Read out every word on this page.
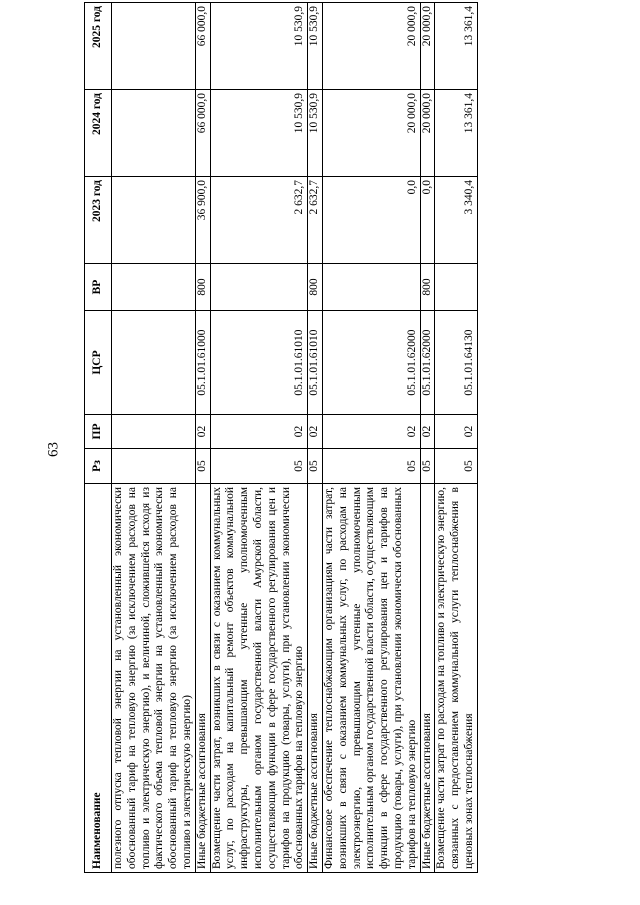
63
Наименование	Рз	ПР	ЦСР	ВР	2023 год	2024 год	2025 год
полезного отпуска тепловой энергии на установленный экономически обоснованный тариф на тепловую энергию (за исключением расходов на топливо и электрическую энергию), и величиной, сложившейся исходя из фактического объема тепловой энергии на установленный экономически обоснованный тариф на тепловую энергию (за исключением расходов на топливо и электрическую энергию)							
Иные бюджетные ассигнования	05	02	05.1.01.61000	800	36 900,0	66 000,0	66 000,0
Возмещение части затрат, возникших в связи с оказанием коммунальных услуг, по расходам на капитальный ремонт объектов коммунальной инфраструктуры, превышающим учтенные уполномоченным исполнительным органом государственной власти Амурской области, осуществляющим функции в сфере государственного регулирования цен и тарифов на продукцию (товары, услуги), при установлении экономически обоснованных тарифов на тепловую энергию	05	02	05.1.01.61010		2 632,7	10 530,9	10 530,9
Иные бюджетные ассигнования	05	02	05.1.01.61010	800	2 632,7	10 530,9	10 530,9
Финансовое обеспечение теплоснабжающим организациям части затрат, возникших в связи с оказанием коммунальных услуг, по расходам на электроэнергию, превышающим учтенные уполномоченным исполнительным органом государственной власти области, осуществляющим функции в сфере государственного регулирования цен и тарифов на продукцию (товары, услуги), при установлении экономически обоснованных тарифов на тепловую энергию	05	02	05.1.01.62000		0,0	20 000,0	20 000,0
Иные бюджетные ассигнования	05	02	05.1.01.62000	800	0,0	20 000,0	20 000,0
Возмещение части затрат по расходам на топливо и электрическую энергию, связанных с предоставлением коммунальной услуги теплоснабжения в ценовых зонах теплоснабжения	05	02	05.1.01.64130		3 340,4	13 361,4	13 361,4
